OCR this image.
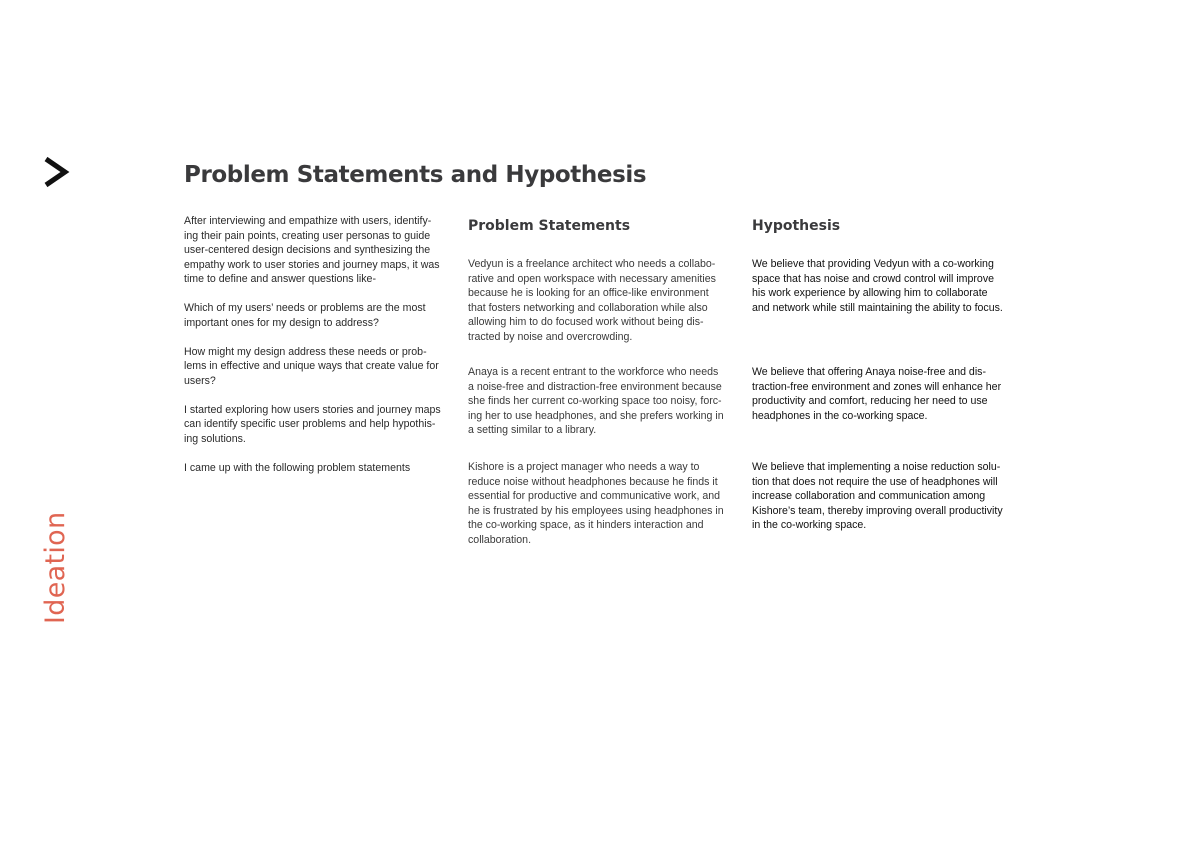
Ideation
Problem Statements and Hypothesis

After interviewing and empathize with users, identify-ing their pain points, creating user personas to guide user-centered design decisions and synthesizing the empathy work to user stories and journey maps, it was time to define and answer questions like-

Which of my users’ needs or problems are the most important ones for my design to address?

How might my design address these needs or prob-lems in effective and unique ways that create value for users?

I started exploring how users stories and journey maps can identify specific user problems and help hypothis-ing solutions.

I came up with the following problem statements

Problem Statements

Vedyun is a freelance architect who needs a collabo-rative and open workspace with necessary amenities because he is looking for an office-like environment that fosters networking and collaboration while also allowing him to do focused work without being dis-tracted by noise and overcrowding.

Anaya is a recent entrant to the workforce who needs a noise-free and distraction-free environment because she finds her current co-working space too noisy, forc-ing her to use headphones, and she prefers working in a setting similar to a library.

Kishore is a project manager who needs a way to reduce noise without headphones because he finds it essential for productive and communicative work, and he is frustrated by his employees using headphones in the co-working space, as it hinders interaction and collaboration.

Hypothesis

We believe that providing Vedyun with a co-working space that has noise and crowd control will improve his work experience by allowing him to collaborate and network while still maintaining the ability to focus.

We believe that offering Anaya noise-free and dis-traction-free environment and zones will enhance her productivity and comfort, reducing her need to use headphones in the co-working space.

We believe that implementing a noise reduction solu-tion that does not require the use of headphones will increase collaboration and communication among Kishore’s team, thereby improving overall productivity in the co-working space.
